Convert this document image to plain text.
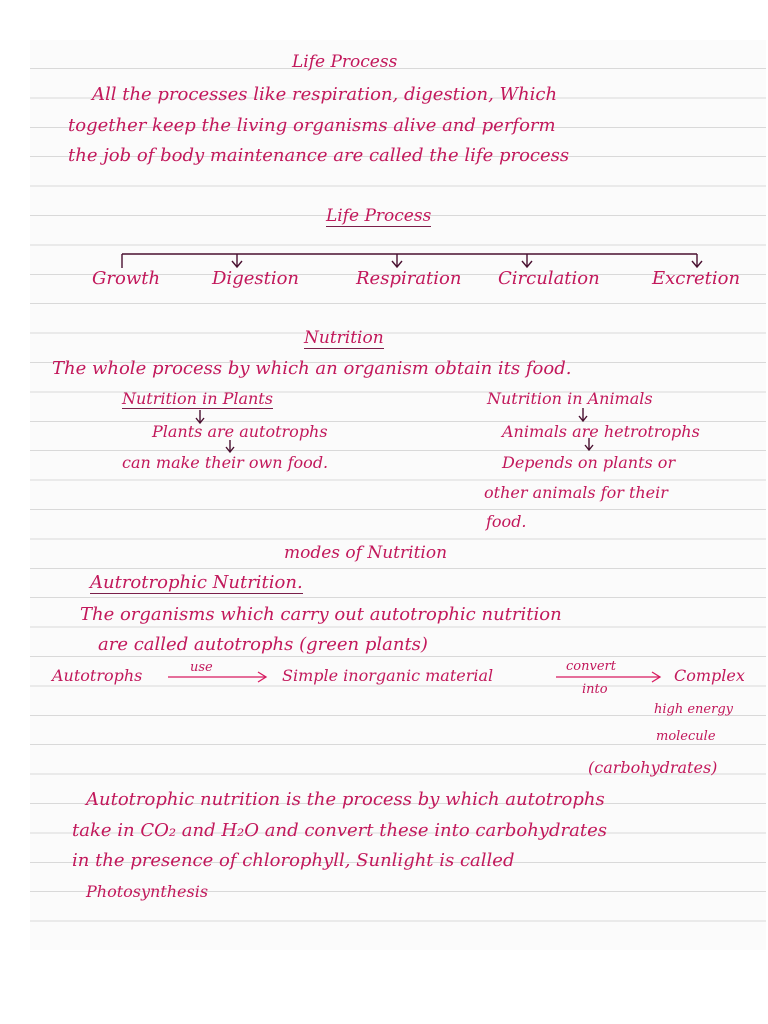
Life Process
All the processes like respiration, digestion, Which
together keep the living organisms alive and perform
the job of body maintenance are called the life process
Life Process
Growth	Digestion	Respiration Circulation	Excretion
Nutrition
The whole process by which an organism obtain its food.
Nutrition in Plants
Plants are autotrophs
can make their own food.
Nutrition in Animals
Animals are hetrotrophs
Depends on plants or
other animals for their
food.
modes of Nutrition
Autrotrophic Nutrition.
The organisms which carry out autotrophic nutrition
are called autotrophs (green plants)
Autotrophs	use	Simple inorganic material	convert
into
Complex
high energy
molecule
(carbohydrates)
Autotrophic nutrition is the process by which autotrophs
take in CO₂ and H₂O and convert these into carbohydrates
in the presence of chlorophyll, Sunlight is called
Photosynthesis
